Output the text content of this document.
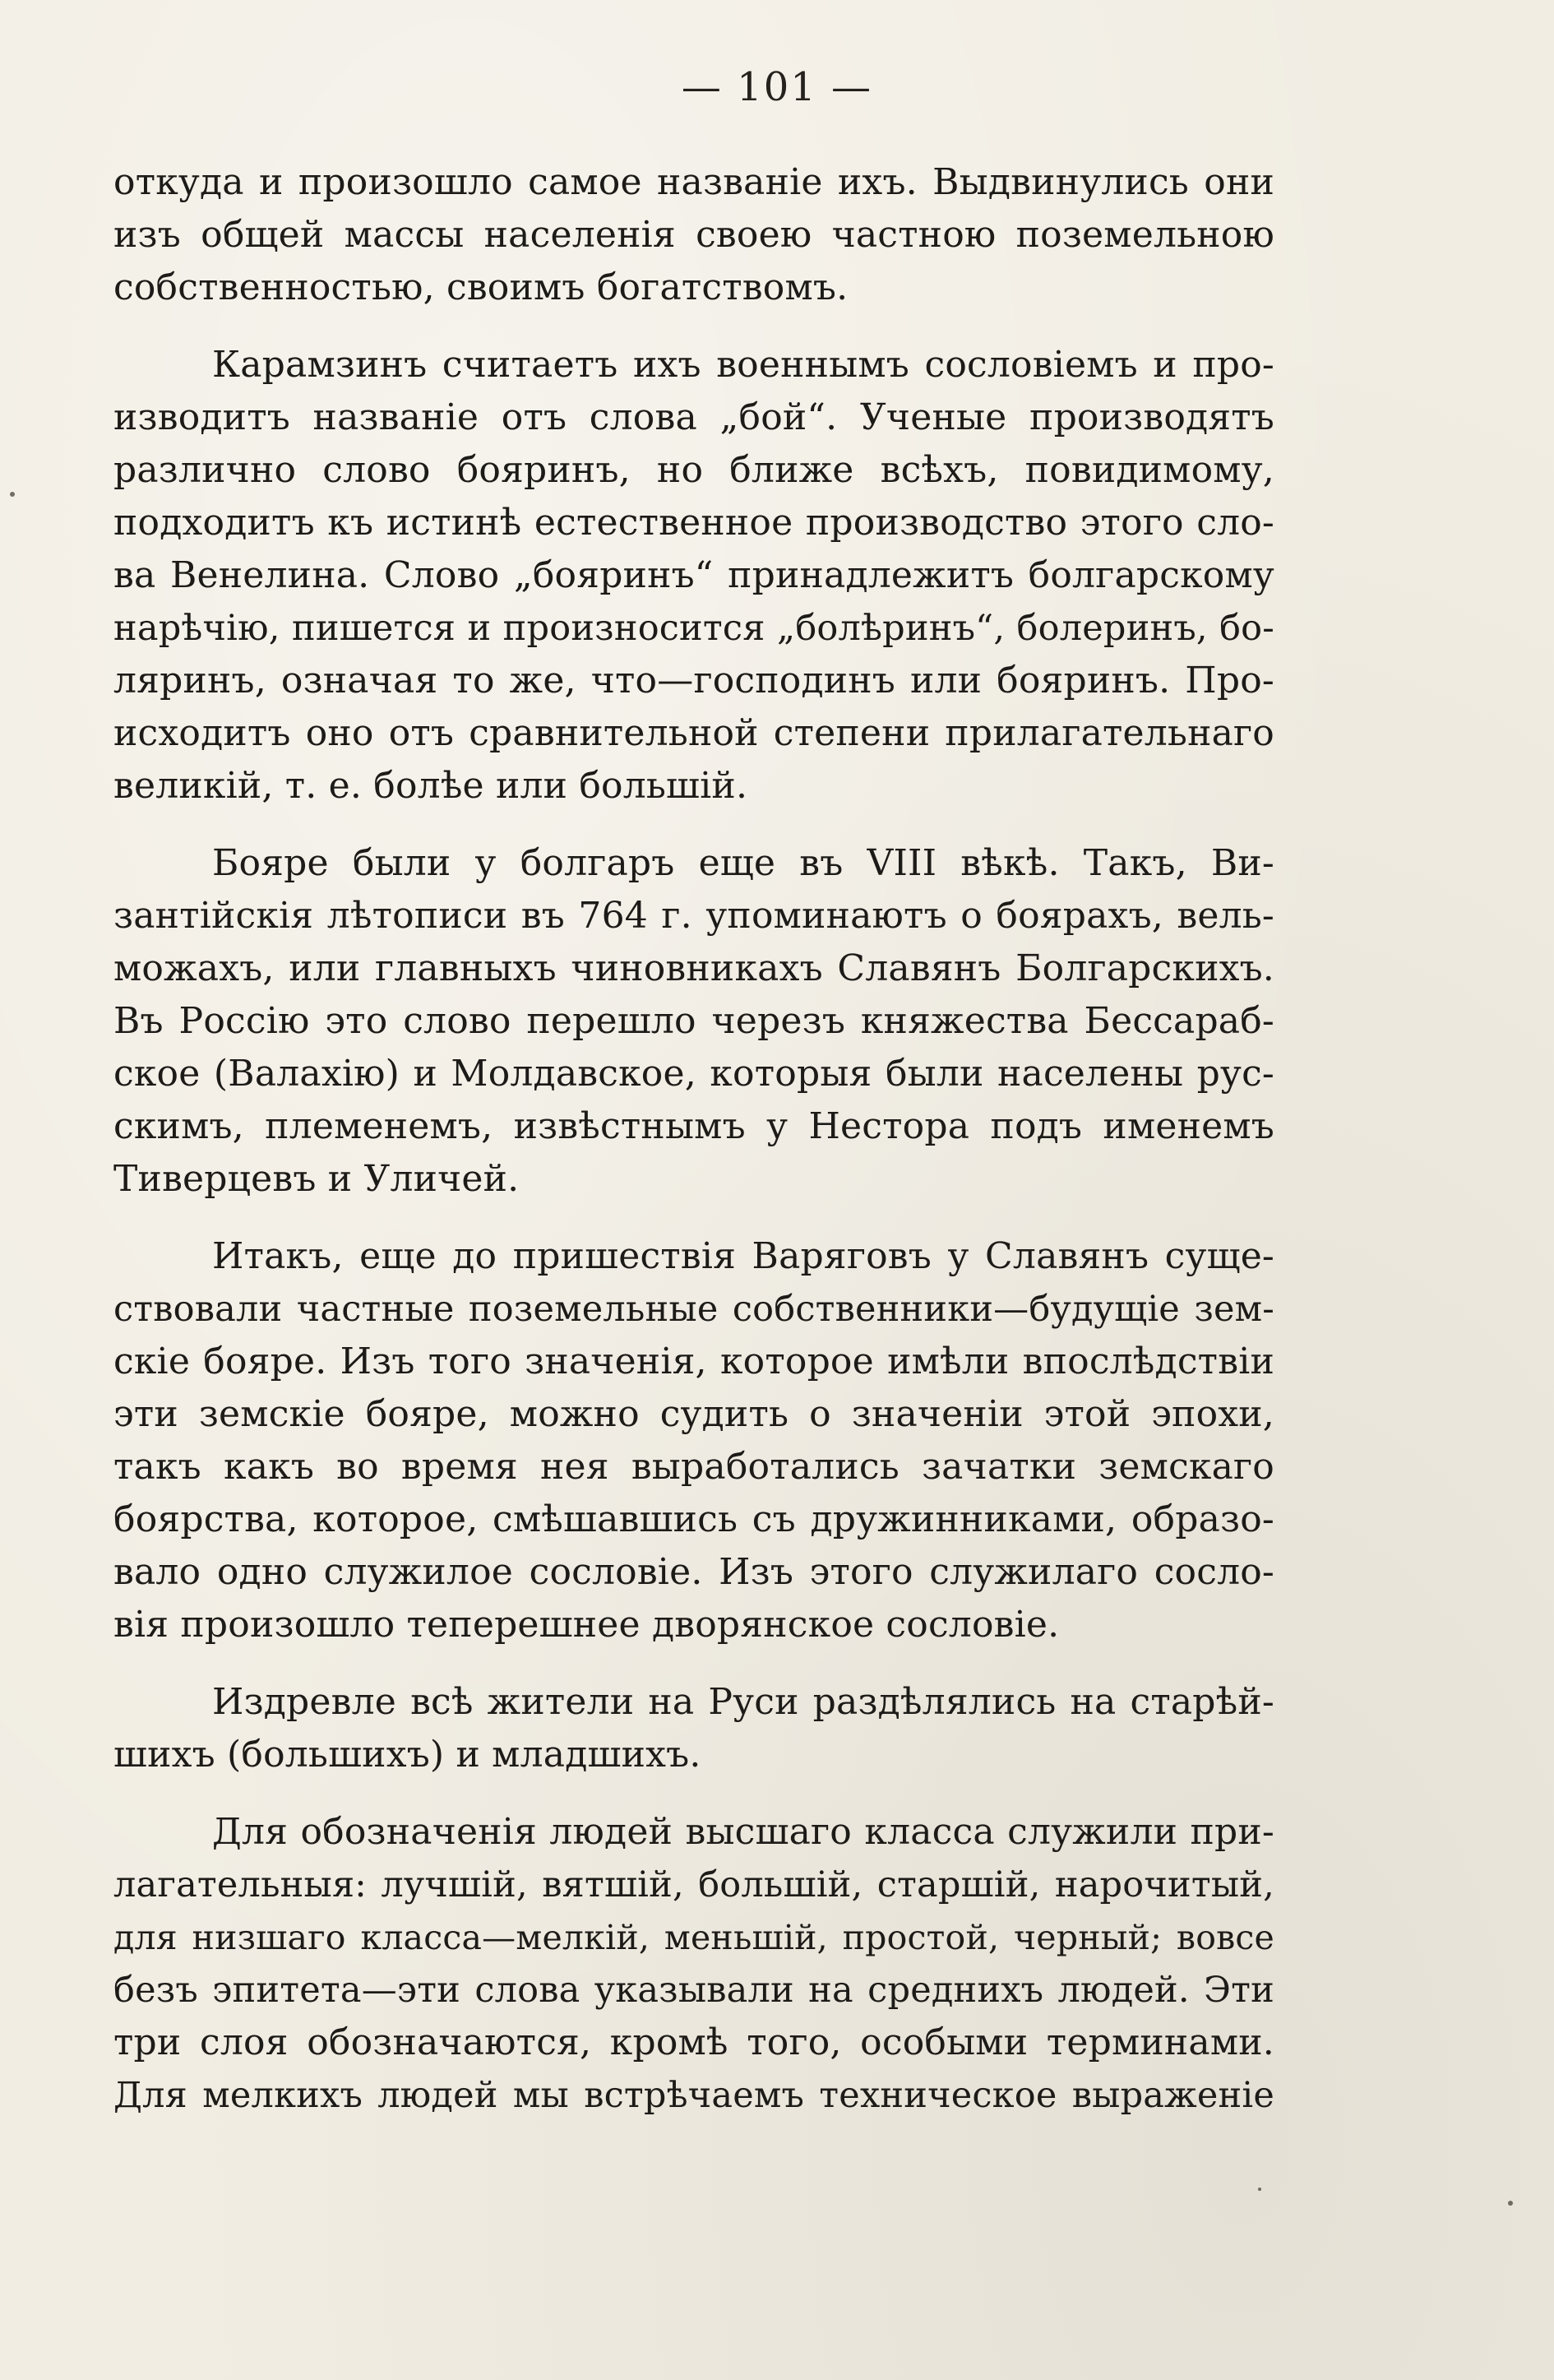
— 101 —
откуда и произошло самое названіе ихъ. Выдвинулись они
изъ общей массы населенія своею частною поземельною
собственностью, своимъ богатствомъ.
Карамзинъ считаетъ ихъ военнымъ сословіемъ и про-
изводитъ названіе отъ слова „бой“. Ученые производятъ
различно слово бояринъ, но ближе всѣхъ, повидимому,
подходитъ къ истинѣ естественное производство этого сло-
ва Венелина. Слово „бояринъ“ принадлежитъ болгарскому
нарѣчію, пишется и произносится „болѣринъ“, болеринъ, бо-
ляринъ, означая то же, что—господинъ или бояринъ. Про-
исходитъ оно отъ сравнительной степени прилагательнаго
великій, т. е. болѣе или большій.
Бояре были у болгаръ еще въ VIII вѣкѣ. Такъ, Ви-
зантійскія лѣтописи въ 764 г. упоминаютъ о боярахъ, вель-
можахъ, или главныхъ чиновникахъ Славянъ Болгарскихъ.
Въ Россію это слово перешло черезъ княжества Бессараб-
ское (Валахію) и Молдавское, которыя были населены рус-
скимъ, племенемъ, извѣстнымъ у Нестора подъ именемъ
Тиверцевъ и Уличей.
Итакъ, еще до пришествія Варяговъ у Славянъ суще-
ствовали частные поземельные собственники—будущіе зем-
скіе бояре. Изъ того значенія, которое имѣли впослѣдствіи
эти земскіе бояре, можно судить о значеніи этой эпохи,
такъ какъ во время нея выработались зачатки земскаго
боярства, которое, смѣшавшись съ дружинниками, образо-
вало одно служилое сословіе. Изъ этого служилаго сосло-
вія произошло теперешнее дворянское сословіе.
Издревле всѣ жители на Руси раздѣлялись на старѣй-
шихъ (большихъ) и младшихъ.
Для обозначенія людей высшаго класса служили при-
лагательныя: лучшій, вятшій, большій, старшій, нарочитый,
для низшаго класса—мелкій, меньшій, простой, черный; вовсе
безъ эпитета—эти слова указывали на среднихъ людей. Эти
три слоя обозначаются, кромѣ того, особыми терминами.
Для мелкихъ людей мы встрѣчаемъ техническое выраженіе
